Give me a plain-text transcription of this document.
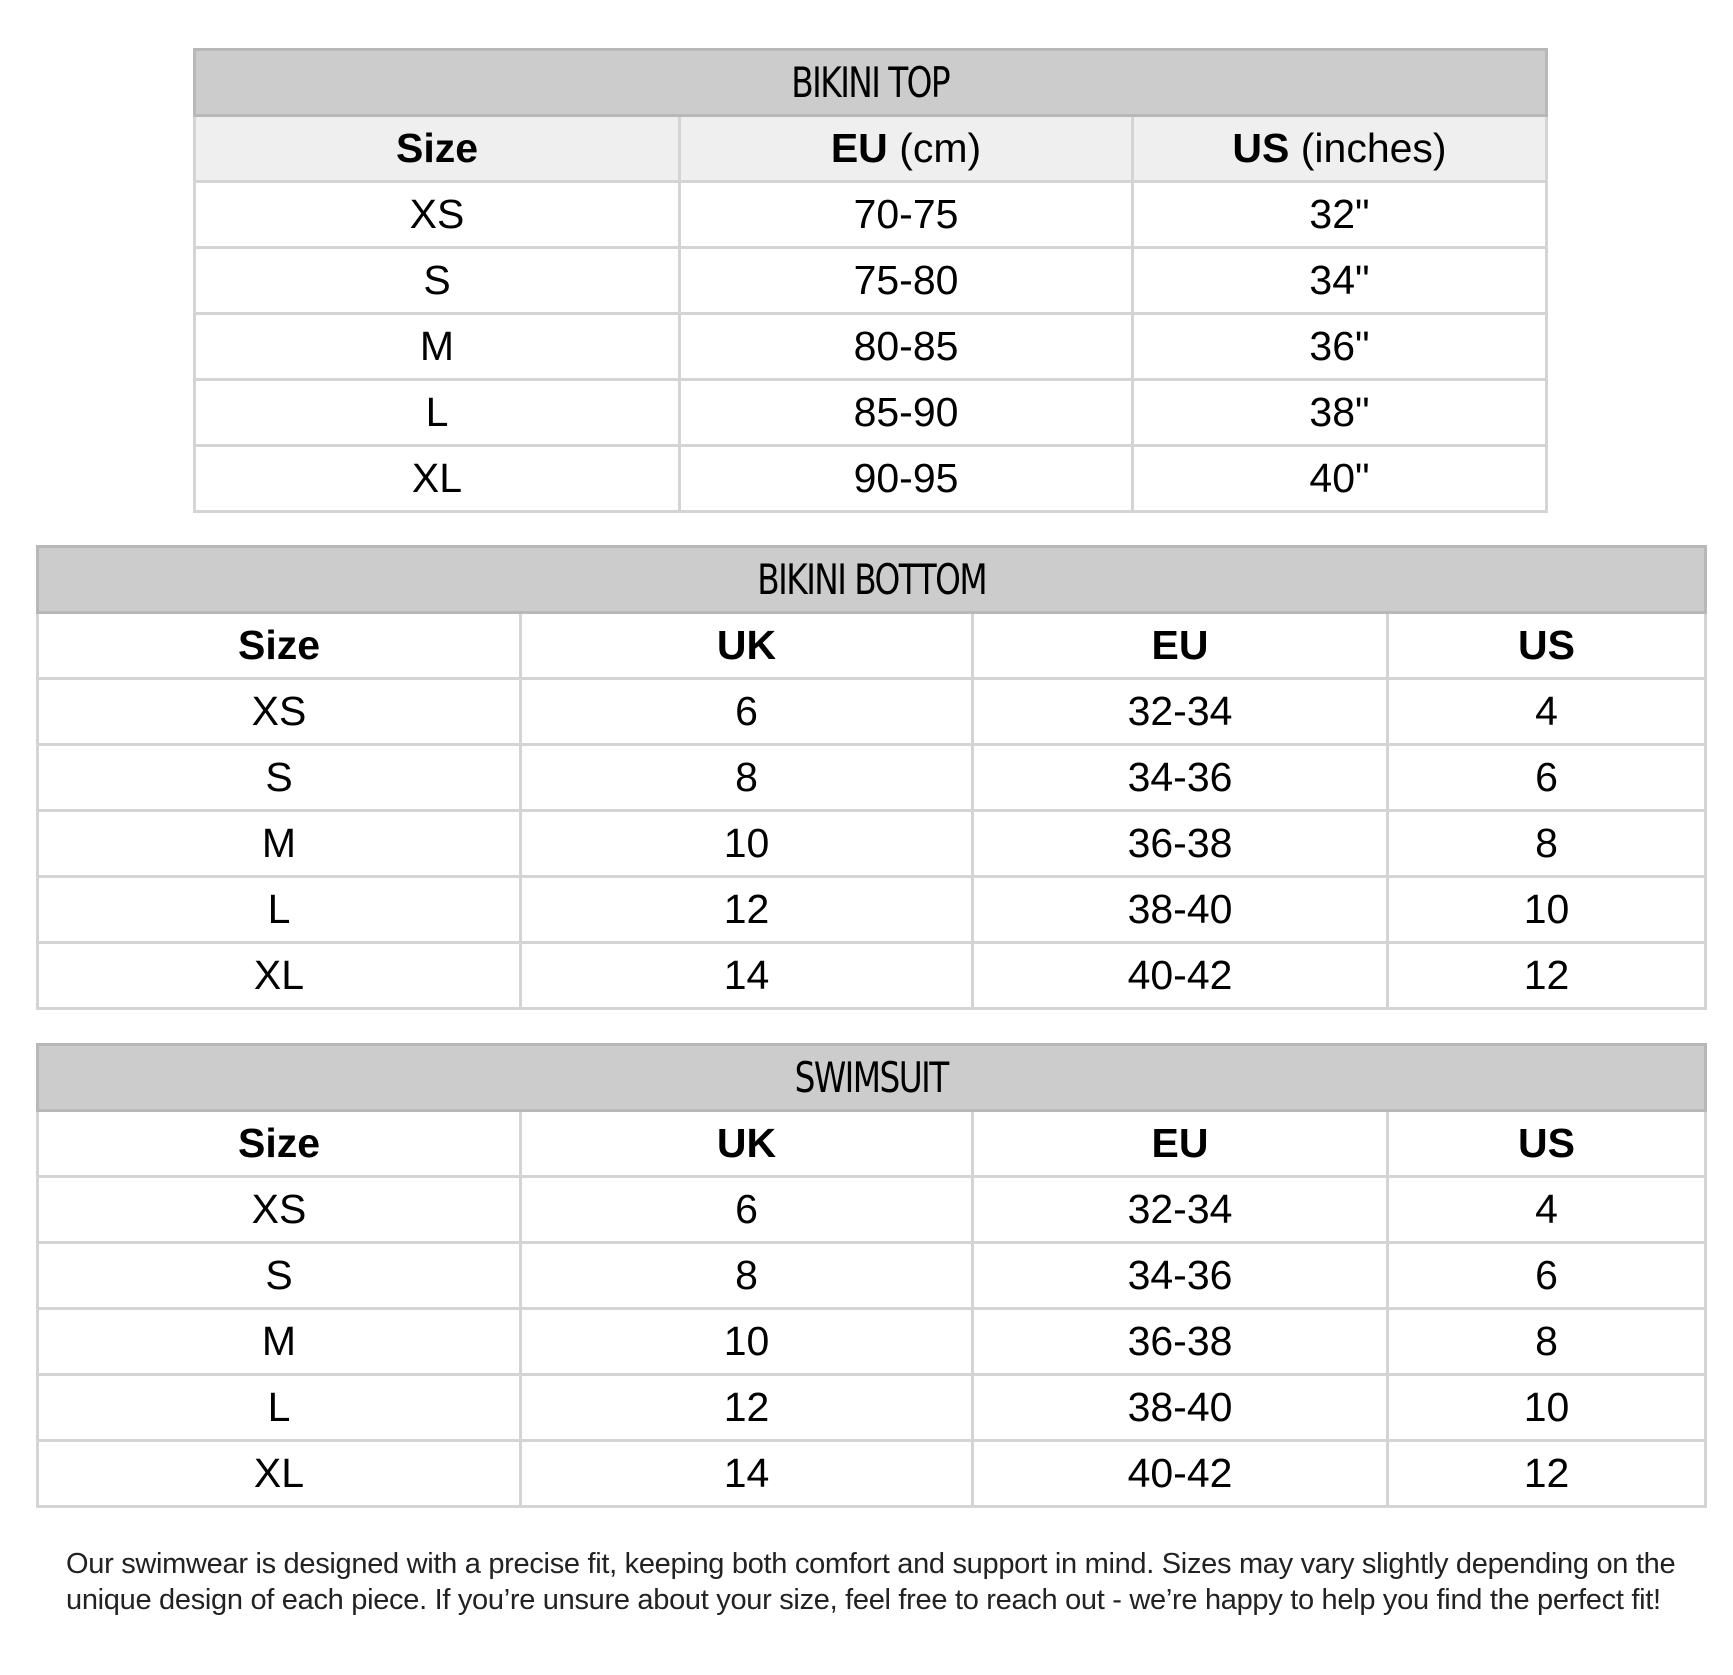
BIKINI TOP		
Size	EU (cm)	US (inches)
XS	70-75	32"
S	75-80	34"
M	80-85	36"
L	85-90	38"
XL	90-95	40"
BIKINI BOTTOM			
Size	UK	EU	US
XS	6	32-34	4
S	8	34-36	6
M	10	36-38	8
L	12	38-40	10
XL	14	40-42	12
SWIMSUIT			
Size	UK	EU	US
XS	6	32-34	4
S	8	34-36	6
M	10	36-38	8
L	12	38-40	10
XL	14	40-42	12

Our swimwear is designed with a precise fit, keeping both comfort and support in mind. Sizes may vary slightly depending on the unique design of each piece. If you’re unsure about your size, feel free to reach out - we’re happy to help you find the perfect fit!
